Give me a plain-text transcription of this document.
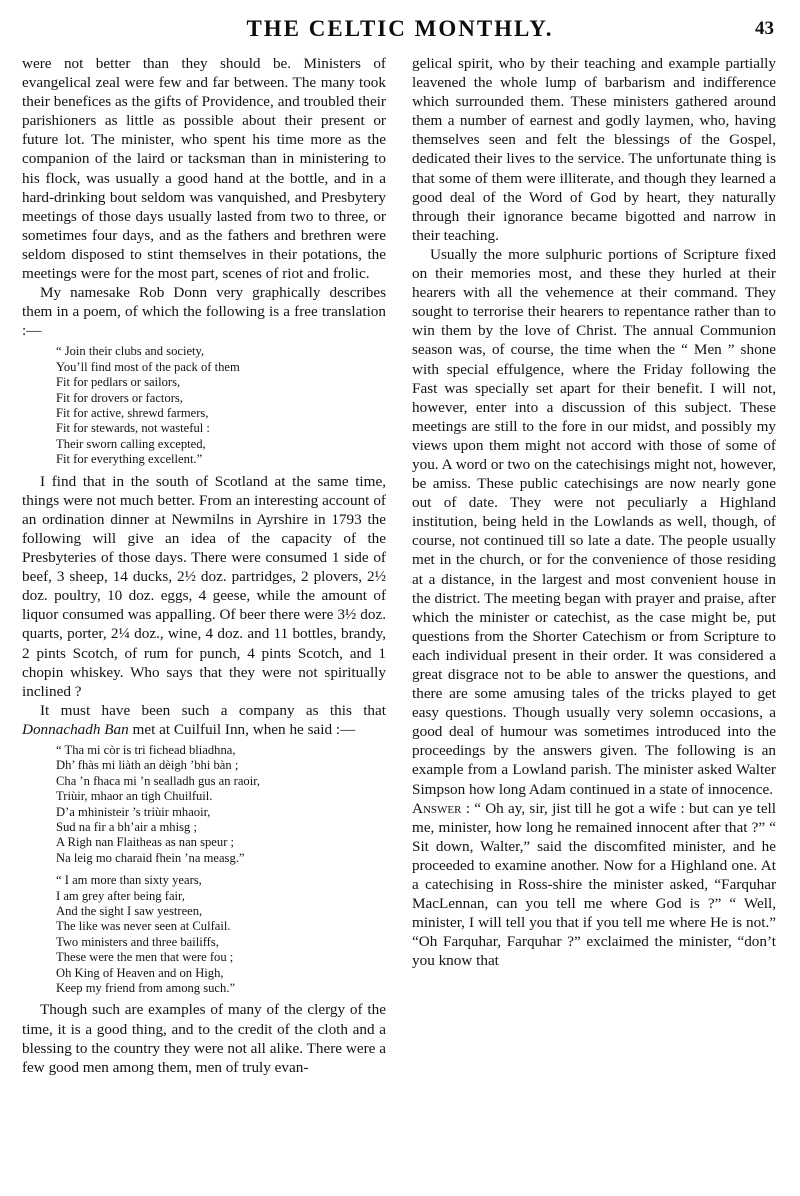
THE CELTIC MONTHLY.	43

were not better than they should be. Ministers of evangelical zeal were few and far between. The many took their benefices as the gifts of Providence, and troubled their parishioners as little as possible about their present or future lot. The minister, who spent his time more as the companion of the laird or tacksman than in ministering to his flock, was usually a good hand at the bottle, and in a hard-drinking bout seldom was vanquished, and Presbytery meetings of those days usually lasted from two to three, or sometimes four days, and as the fathers and brethren were seldom disposed to stint themselves in their potations, the meetings were for the most part, scenes of riot and frolic.

My namesake Rob Donn very graphically describes them in a poem, of which the following is a free translation :—

“ Join their clubs and society,
You’ll find most of the pack of them
Fit for pedlars or sailors,
Fit for drovers or factors,
Fit for active, shrewd farmers,
Fit for stewards, not wasteful :
Their sworn calling excepted,
Fit for everything excellent.”

I find that in the south of Scotland at the same time, things were not much better. From an interesting account of an ordination dinner at Newmilns in Ayrshire in 1793 the following will give an idea of the capacity of the Presbyteries of those days. There were consumed 1 side of beef, 3 sheep, 14 ducks, 2½ doz. partridges, 2 plovers, 2½ doz. poultry, 10 doz. eggs, 4 geese, while the amount of liquor consumed was appalling. Of beer there were 3½ doz. quarts, porter, 2¼ doz., wine, 4 doz. and 11 bottles, brandy, 2 pints Scotch, of rum for punch, 4 pints Scotch, and 1 chopin whiskey. Who says that they were not spiritually inclined ?

It must have been such a company as this that Donnachadh Ban met at Cuilfuil Inn, when he said :—

“ Tha mi còr is tri fichead bliadhna,
Dh’ fhàs mi liàth an dèigh ’bhi bàn ;
Cha ’n fhaca mi ’n sealladh gus an raoir,
Triùir, mhaor an tigh Chuilfuil.
D’a mhinisteir ’s triùir mhaoir,
Sud na fir a bh’air a mhisg ;
A Righ nan Flaitheas as nan speur ;
Na leig mo charaid fhein ’na measg.”
“ I am more than sixty years,
I am grey after being fair,
And the sight I saw yestreen,
The like was never seen at Culfail.
Two ministers and three bailiffs,
These were the men that were fou ;
Oh King of Heaven and on High,
Keep my friend from among such.”

Though such are examples of many of the clergy of the time, it is a good thing, and to the credit of the cloth and a blessing to the country they were not all alike. There were a few good men among them, men of truly evan-

gelical spirit, who by their teaching and example partially leavened the whole lump of barbarism and indifference which surrounded them. These ministers gathered around them a number of earnest and godly laymen, who, having themselves seen and felt the blessings of the Gospel, dedicated their lives to the service. The unfortunate thing is that some of them were illiterate, and though they learned a good deal of the Word of God by heart, they naturally through their ignorance became bigotted and narrow in their teaching.

Usually the more sulphuric portions of Scripture fixed on their memories most, and these they hurled at their hearers with all the vehemence at their command. They sought to terrorise their hearers to repentance rather than to win them by the love of Christ. The annual Communion season was, of course, the time when the “ Men ” shone with special effulgence, where the Friday following the Fast was specially set apart for their benefit. I will not, however, enter into a discussion of this subject. These meetings are still to the fore in our midst, and possibly my views upon them might not accord with those of some of you. A word or two on the catechisings might not, however, be amiss. These public catechisings are now nearly gone out of date. They were not peculiarly a Highland institution, being held in the Lowlands as well, though, of course, not continued till so late a date. The people usually met in the church, or for the convenience of those residing at a distance, in the largest and most convenient house in the district. The meeting began with prayer and praise, after which the minister or catechist, as the case might be, put questions from the Shorter Catechism or from Scripture to each individual present in their order. It was considered a great disgrace not to be able to answer the questions, and there are some amusing tales of the tricks played to get easy questions. Though usually very solemn occasions, a good deal of humour was sometimes introduced into the proceedings by the answers given. The following is an example from a Lowland parish. The minister asked Walter Simpson how long Adam continued in a state of innocence.

Answer : “ Oh ay, sir, jist till he got a wife : but can ye tell me, minister, how long he remained innocent after that ?” “ Sit down, Walter,” said the discomfited minister, and he proceeded to examine another. Now for a Highland one. At a catechising in Ross-shire the minister asked, “Farquhar MacLennan, can you tell me where God is ?” “ Well, minister, I will tell you that if you tell me where He is not.” “Oh Farquhar, Farquhar ?” exclaimed the minister, “don’t you know that
